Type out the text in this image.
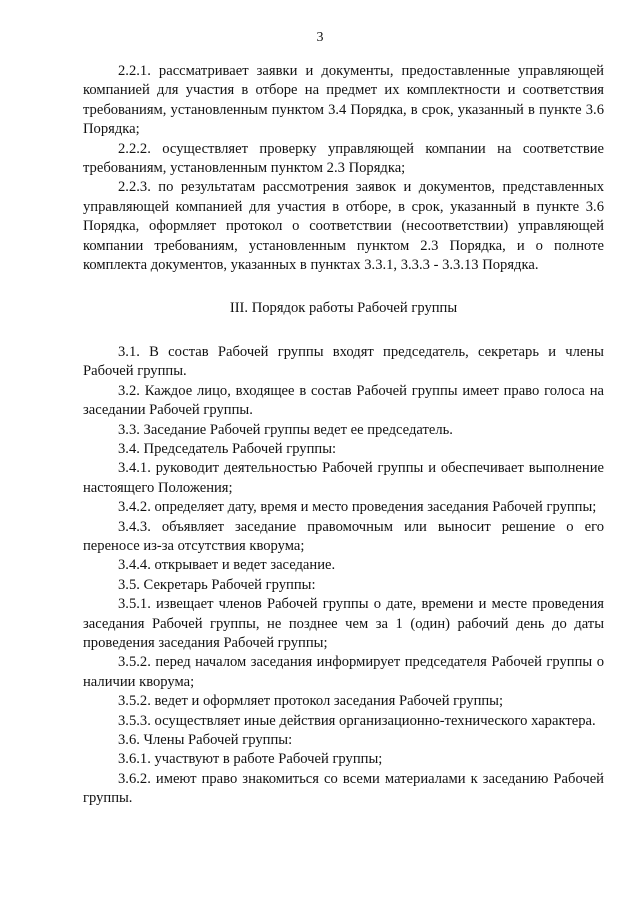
3

2.2.1. рассматривает заявки и документы, предоставленные управляющей компанией для участия в отборе на предмет их комплектности и соответствия требованиям, установленным пунктом 3.4 Порядка, в срок, указанный в пункте 3.6 Порядка;

2.2.2. осуществляет проверку управляющей компании на соответствие требованиям, установленным пунктом 2.3 Порядка;

2.2.3. по результатам рассмотрения заявок и документов, представленных управляющей компанией для участия в отборе, в срок, указанный в пункте 3.6 Порядка, оформляет протокол о соответствии (несоответствии) управляющей компании требованиям, установленным пунктом 2.3 Порядка, и о полноте комплекта документов, указанных в пунктах 3.3.1, 3.3.3 - 3.3.13 Порядка.

III. Порядок работы Рабочей группы

3.1. В состав Рабочей группы входят председатель, секретарь и члены Рабочей группы.

3.2. Каждое лицо, входящее в состав Рабочей группы имеет право голоса на заседании Рабочей группы.

3.3. Заседание Рабочей группы ведет ее председатель.

3.4. Председатель Рабочей группы:

3.4.1. руководит деятельностью Рабочей группы и обеспечивает выполнение настоящего Положения;

3.4.2. определяет дату, время и место проведения заседания Рабочей группы;

3.4.3. объявляет заседание правомочным или выносит решение о его переносе из-за отсутствия кворума;

3.4.4. открывает и ведет заседание.

3.5. Секретарь Рабочей группы:

3.5.1. извещает членов Рабочей группы о дате, времени и месте проведения заседания Рабочей группы, не позднее чем за 1 (один) рабочий день до даты проведения заседания Рабочей группы;

3.5.2. перед началом заседания информирует председателя Рабочей группы о наличии кворума;

3.5.2. ведет и оформляет протокол заседания Рабочей группы;

3.5.3. осуществляет иные действия организационно-технического характера.

3.6. Члены Рабочей группы:

3.6.1. участвуют в работе Рабочей группы;

3.6.2. имеют право знакомиться со всеми материалами к заседанию Рабочей группы.
